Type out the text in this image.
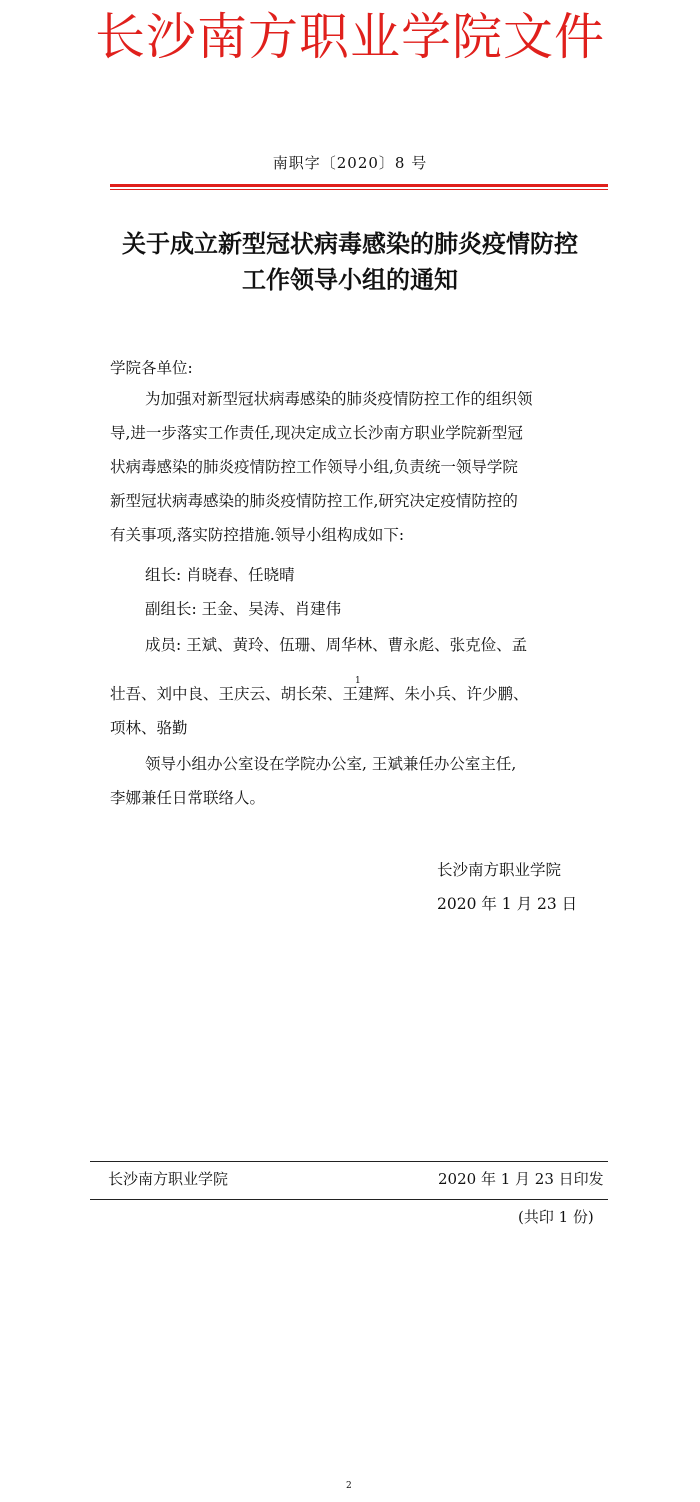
长沙南方职业学院文件
南职字〔2020〕8 号
关于成立新型冠状病毒感染的肺炎疫情防控
工作领导小组的通知
学院各单位:
为加强对新型冠状病毒感染的肺炎疫情防控工作的组织领
导,进一步落实工作责任,现决定成立长沙南方职业学院新型冠
状病毒感染的肺炎疫情防控工作领导小组,负责统一领导学院
新型冠状病毒感染的肺炎疫情防控工作,研究决定疫情防控的
有关事项,落实防控措施.领导小组构成如下:
组长: 肖晓春、任晓晴
副组长: 王金、吴涛、肖建伟
成员: 王斌、黄玲、伍珊、周华林、曹永彪、张克俭、孟
1
壮吾、刘中良、王庆云、胡长荣、王建辉、朱小兵、许少鹏、
项林、骆勤
领导小组办公室设在学院办公室, 王斌兼任办公室主任,
李娜兼任日常联络人。
长沙南方职业学院
2020 年 1 月 23 日
长沙南方职业学院	2020 年 1 月 23 日印发
(共印 1 份)
2
